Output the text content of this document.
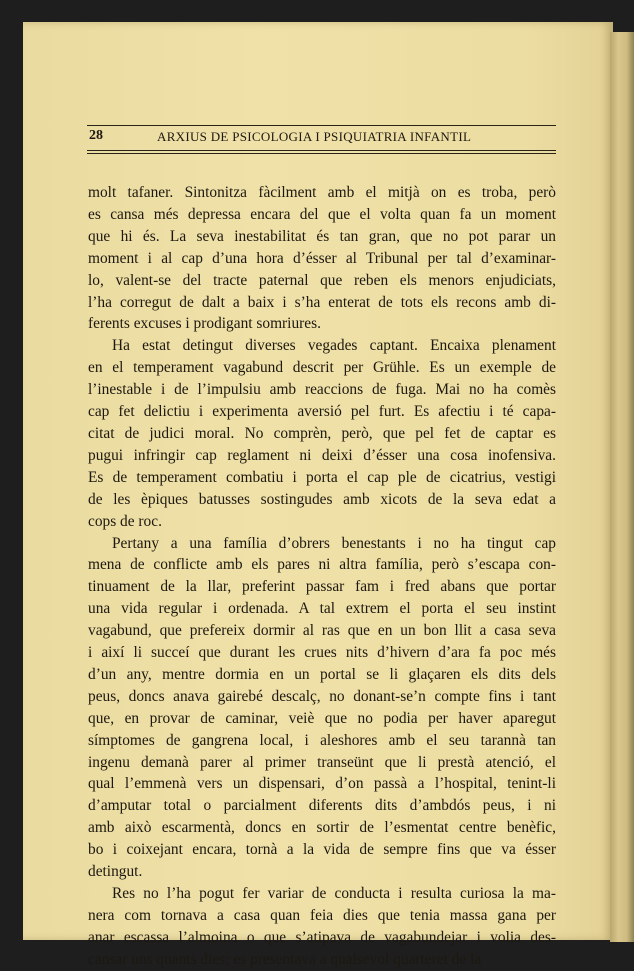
28	ARXIUS DE PSICOLOGIA I PSIQUIATRIA INFANTIL

molt tafaner. Sintonitza fàcilment amb el mitjà on es troba, però

es cansa més depressa encara del que el volta quan fa un moment

que hi és. La seva inestabilitat és tan gran, que no pot parar un

moment i al cap d’una hora d’ésser al Tribunal per tal d’examinar-

lo, valent-se del tracte paternal que reben els menors enjudiciats,

l’ha corregut de dalt a baix i s’ha enterat de tots els recons amb di-

ferents excuses i prodigant somriures.

Ha estat detingut diverses vegades captant. Encaixa plenament

en el temperament vagabund descrit per Grühle. Es un exemple de

l’inestable i de l’impulsiu amb reaccions de fuga. Mai no ha comès

cap fet delictiu i experimenta aversió pel furt. Es afectiu i té capa-

citat de judici moral. No comprèn, però, que pel fet de captar es

pugui infringir cap reglament ni deixi d’ésser una cosa inofensiva.

Es de temperament combatiu i porta el cap ple de cicatrius, vestigi

de les èpiques batusses sostingudes amb xicots de la seva edat a

cops de roc.

Pertany a una família d’obrers benestants i no ha tingut cap

mena de conflicte amb els pares ni altra família, però s’escapa con-

tinuament de la llar, preferint passar fam i fred abans que portar

una vida regular i ordenada. A tal extrem el porta el seu instint

vagabund, que prefereix dormir al ras que en un bon llit a casa seva

i així li succeí que durant les crues nits d’hivern d’ara fa poc més

d’un any, mentre dormia en un portal se li glaçaren els dits dels

peus, doncs anava gairebé descalç, no donant-se’n compte fins i tant

que, en provar de caminar, veiè que no podia per haver aparegut

símptomes de gangrena local, i aleshores amb el seu tarannà tan

ingenu demanà parer al primer transeünt que li prestà atenció, el

qual l’emmenà vers un dispensari, d’on passà a l’hospital, tenint-li

d’amputar total o parcialment diferents dits d’ambdós peus, i ni

amb això escarmentà, doncs en sortir de l’esmentat centre benèfic,

bo i coixejant encara, tornà a la vida de sempre fins que va ésser

detingut.

Res no l’ha pogut fer variar de conducta i resulta curiosa la ma-

nera com tornava a casa quan feia dies que tenia massa gana per

anar escassa l’almoina o que s’atipava de vagabundejar i volia des-

cansar uns quants dies; es presentava a qualsevol quarteret de la
